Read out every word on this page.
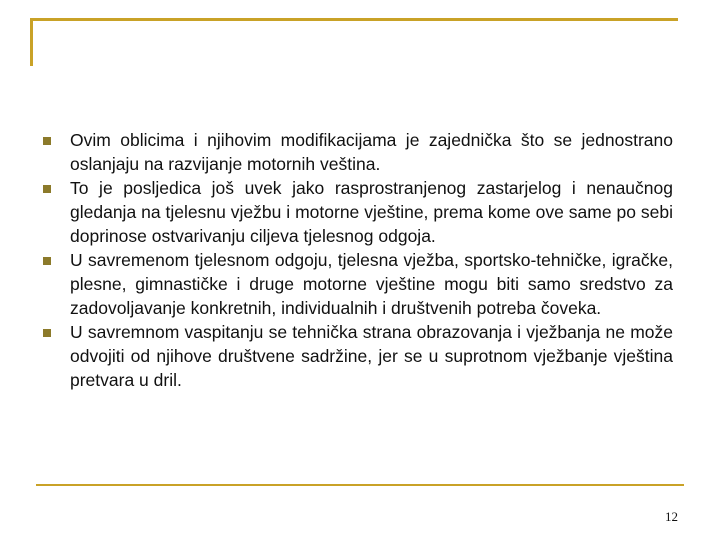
Ovim oblicima i njihovim modifikacijama je zajednička što se jednostrano oslanjaju na razvijanje motornih veština.
To je posljedica još uvek jako rasprostranjenog zastarjelog i nenaučnog gledanja na tjelesnu vježbu i motorne vještine, prema kome ove same po sebi doprinose ostvarivanju ciljeva tjelesnog odgoja.
U savremenom tjelesnom odgoju, tjelesna vježba, sportsko-tehničke, igračke, plesne, gimnastičke i druge motorne vještine mogu biti samo sredstvo za zadovoljavanje konkretnih, individualnih i društvenih potreba čoveka.
U savremnom vaspitanju se tehnička strana obrazovanja i vježbanja ne može odvojiti od njihove društvene sadržine, jer se u suprotnom vježbanje vještina pretvara u dril.
12
